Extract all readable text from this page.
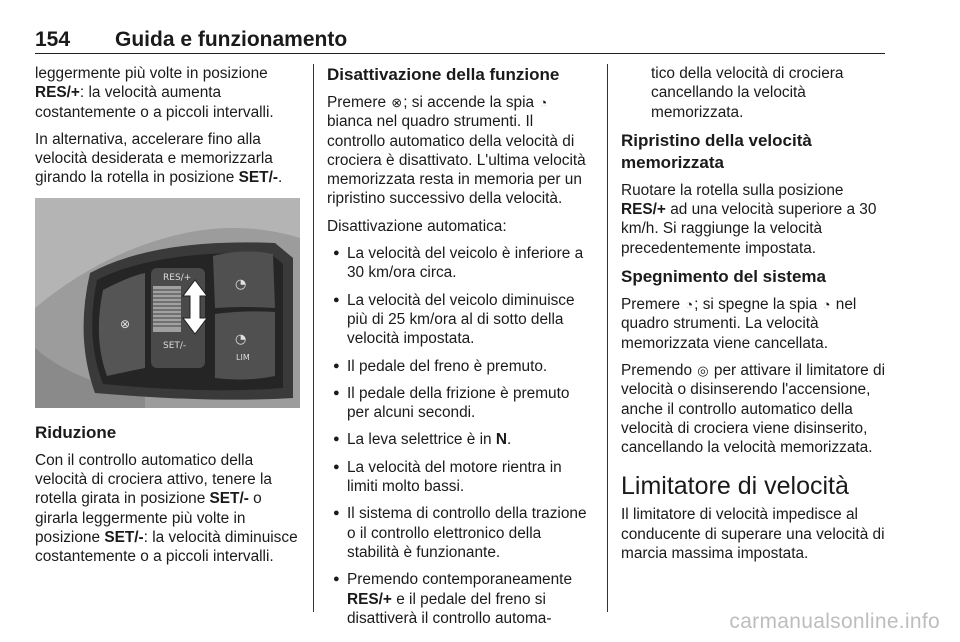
154 Guida e funzionamento

leggermente più volte in posizione RES/+: la velocità aumenta costantemente o a piccoli intervalli.

In alternativa, accelerare fino alla velocità desiderata e memorizzarla girando la rotella in posizione SET/-.

⊗
RES/+
SET/-
◔
◔
LIM
Riduzione

Con il controllo automatico della velocità di crociera attivo, tenere la rotella girata in posizione SET/- o girarla leggermente più volte in posizione SET/-: la velocità diminuisce costantemente o a piccoli intervalli.

Disattivazione della funzione

Premere ⊗; si accende la spia ◔ bianca nel quadro strumenti. Il controllo automatico della velocità di crociera è disattivato. L'ultima velocità memorizzata resta in memoria per un ripristino successivo della velocità.

Disattivazione automatica:

● La velocità del veicolo è inferiore a 30 km/ora circa.
● La velocità del veicolo diminuisce più di 25 km/ora al di sotto della velocità impostata.
● Il pedale del freno è premuto.
● Il pedale della frizione è premuto per alcuni secondi.
● La leva selettrice è in N.
● La velocità del motore rientra in limiti molto bassi.
● Il sistema di controllo della trazione o il controllo elettronico della stabilità è funzionante.
● Premendo contemporaneamente RES/+ e il pedale del freno si disattiverà il controllo automa-

tico della velocità di crociera cancellando la velocità memorizzata.

Ripristino della velocità memorizzata

Ruotare la rotella sulla posizione RES/+ ad una velocità superiore a 30 km/h. Si raggiunge la velocità precedentemente impostata.

Spegnimento del sistema

Premere ◔; si spegne la spia ◔ nel quadro strumenti. La velocità memorizzata viene cancellata.

Premendo ◎ per attivare il limitatore di velocità o disinserendo l'accensione, anche il controllo automatico della velocità di crociera viene disinserito, cancellando la velocità memorizzata.

Limitatore di velocità

Il limitatore di velocità impedisce al conducente di superare una velocità di marcia massima impostata.

carmanualsonline.info
